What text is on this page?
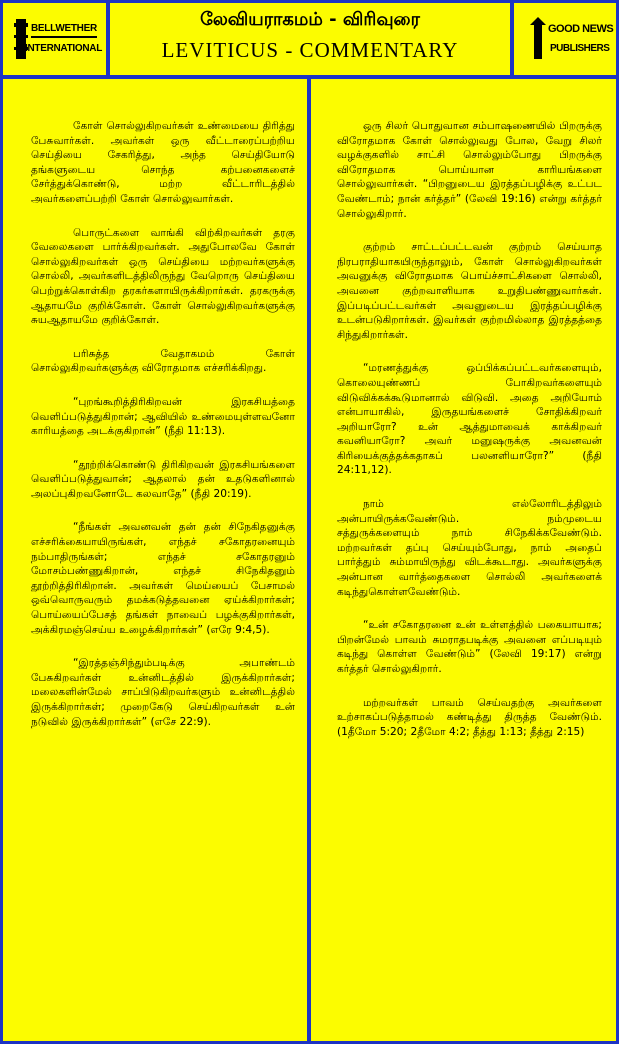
BELLWETHER
INTERNATIONAL
லேவியராகமம் - விரிவுரை
LEVITICUS - COMMENTARY
GOOD NEWS
PUBLISHERS

கோள் சொல்லுகிறவர்கள் உண்மையை திரித்து பேசுவார்கள். அவர்கள் ஒரு வீட்டாரைப்பற்றிய செய்தியை சேகரித்து, அந்த செய்தியோடு தங்களுடைய சொந்த கற்பனைகளைச் சேர்த்துக்கொண்டு, மற்ற வீட்டாரிடத்தில் அவர்களைப்பற்றி கோள் சொல்லுவார்கள்.

பொருட்களை வாங்கி விற்கிறவர்கள் தரகு வேலைகளை பார்க்கிறவர்கள். அதுபோலவே கோள் சொல்லுகிறவர்கள் ஒரு செய்தியை மற்றவர்களுக்கு சொல்லி, அவர்களிடத்திலிருந்து வேறொரு செய்தியை பெற்றுக்கொள்கிற தரகர்களாயிருக்கிறார்கள். தரகருக்கு ஆதாயமே குறிக்கோள். கோள் சொல்லுகிறவர்களுக்கு சுயஆதாயமே குறிக்கோள்.

பரிசுத்த வேதாகமம் கோள் சொல்லுகிறவர்களுக்கு விரோதமாக எச்சரிக்கிறது.

“புறங்கூறித்திரிகிறவன் இரகசியத்தை வெளிப்படுத்துகிறான்; ஆவியில் உண்மையுள்ளவனோ காரியத்தை அடக்குகிறான்” (நீதி 11:13).

“தூற்றிக்கொண்டு திரிகிறவன் இரகசியங்களை வெளிப்படுத்துவான்; ஆதலால் தன் உதடுகளினால் அலப்புகிறவனோடே கலவாதே” (நீதி 20:19).

“நீங்கள் அவனவன் தன் தன் சிநேகிதனுக்கு எச்சரிக்கையாயிருங்கள், எந்தச் சகோதரனையும் நம்பாதிருங்கள்; எந்தச் சகோதரனும் மோசம்பண்ணுகிறான், எந்தச் சிநேகிதனும் தூற்றித்திரிகிறான். அவர்கள் மெய்யைப் பேசாமல் ஒவ்வொருவரும் தமக்கடுத்தவனை ஏய்க்கிறார்கள்; பொய்யைப்பேசத் தங்கள் நாவைப் பழக்குகிறார்கள், அக்கிரமஞ்செய்ய உழைக்கிறார்கள்” (எரே 9:4,5).

“இரத்தஞ்சிந்தும்படிக்கு அபாண்டம் பேசுகிறவர்கள் உன்னிடத்தில் இருக்கிறார்கள்; மலைகளின்மேல் சாப்பிடுகிறவர்களும் உன்னிடத்தில் இருக்கிறார்கள்; முறைகேடு செய்கிறவர்கள் உன் நடுவில் இருக்கிறார்கள்” (எசே 22:9).

ஒரு சிலர் பொதுவான சம்பாஷணையில் பிறருக்கு விரோதமாக கோள் சொல்லுவது போல, வேறு சிலர் வழக்குகளில் சாட்சி சொல்லும்போது பிறருக்கு விரோதமாக பொய்யான காரியங்களை சொல்லுவார்கள். “பிறனுடைய இரத்தப்பழிக்கு உட்பட வேண்டாம்; நான் கர்த்தர்” (லேவி 19:16) என்று கர்த்தர் சொல்லுகிறார்.

குற்றம் சாட்டப்பட்டவன் குற்றம் செய்யாத நிரபராதியாகயிருந்தாலும், கோள் சொல்லுகிறவர்கள் அவனுக்கு விரோதமாக பொய்ச்சாட்சிகளை சொல்லி, அவனை குற்றவாளியாக உறுதிபண்ணுவார்கள். இப்படிப்பட்டவர்கள் அவனுடைய இரத்தப்பழிக்கு உடன்படுகிறார்கள். இவர்கள் குற்றமில்லாத இரத்தத்தை சிந்துகிறார்கள்.

“மரணத்துக்கு ஒப்பிக்கப்பட்டவர்களையும், கொலையுண்ணப் போகிறவர்களையும் விடுவிக்கக்கூடுமானால் விடுவி. அதை அறியோம் என்பாயாகில், இருதயங்களைச் சோதிக்கிறவர் அறியாரோ? உன் ஆத்துமாவைக் காக்கிறவர் கவனியாரோ? அவர் மனுஷருக்கு அவனவன் கிரியைக்குத்தக்கதாகப் பலனளியாரோ?” (நீதி 24:11,12).

நாம் எல்லோரிடத்திலும் அன்பாயிருக்கவேண்டும். நம்முடைய சத்துருக்களையும் நாம் சிநேகிக்கவேண்டும். மற்றவர்கள் தப்பு செய்யும்போது, நாம் அதைப் பார்த்தும் சும்மாயிருந்து விடக்கூடாது. அவர்களுக்கு அன்பான வார்த்தைகளை சொல்லி அவர்களைக் கடிந்துகொள்ளவேண்டும்.

“உன் சகோதரனை உன் உள்ளத்தில் பகையாயாக; பிறன்மேல் பாவம் சுமராதபடிக்கு அவனை எப்படியும் கடிந்து கொள்ள வேண்டும்” (லேவி 19:17) என்று கர்த்தர் சொல்லுகிறார்.

மற்றவர்கள் பாவம் செய்வதற்கு அவர்களை உற்சாகப்படுத்தாமல் கண்டித்து திருத்த வேண்டும். (1தீமோ 5:20; 2தீமோ 4:2; தீத்து 1:13; தீத்து 2:15)
